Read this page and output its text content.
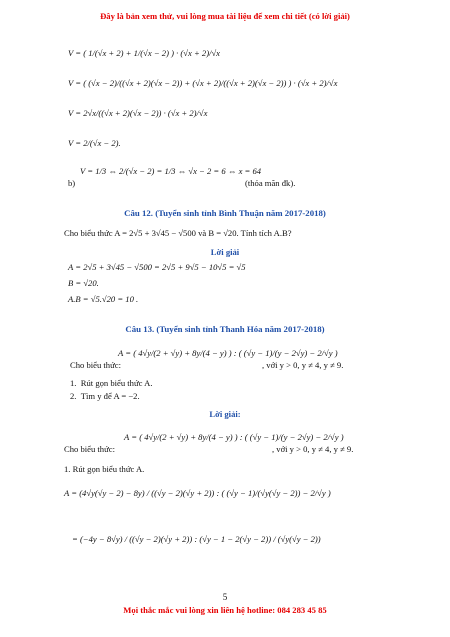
Đây là bản xem thử, vui lòng mua tài liệu để xem chi tiết (có lời giải)
V = ( 1/(√x + 2) + 1/(√x − 2) ) · (√x + 2)/√x
V = ( (√x − 2)/((√x + 2)(√x − 2)) + (√x + 2)/((√x + 2)(√x − 2)) ) · (√x + 2)/√x
V = 2√x/((√x + 2)(√x − 2)) · (√x + 2)/√x
V = 2/(√x − 2).
b)
V = 1/3 ⇔ 2/(√x − 2) = 1/3 ⇔ √x − 2 = 6 ⇔ x = 64
(thỏa mãn đk).
Câu 12. (Tuyển sinh tỉnh Bình Thuận năm 2017-2018)
Cho biểu thức A = 2√5 + 3√45 − √500 và B = √20. Tính tích A.B?
Lời giải
A = 2√5 + 3√45 − √500 = 2√5 + 9√5 − 10√5 = √5
B = √20.
A.B = √5.√20 = 10 .
Câu 13. (Tuyển sinh tỉnh Thanh Hóa năm 2017-2018)
Cho biểu thức:
A = ( 4√y/(2 + √y) + 8y/(4 − y) ) : ( (√y − 1)/(y − 2√y) − 2/√y )
, với y > 0, y ≠ 4, y ≠ 9.
1.  Rút gọn biểu thức A.
2.  Tìm y để A = −2.
Lời giải:
Cho biểu thức:
A = ( 4√y/(2 + √y) + 8y/(4 − y) ) : ( (√y − 1)/(y − 2√y) − 2/√y )
, với y > 0, y ≠ 4, y ≠ 9.
1. Rút gọn biểu thức A.
A = (4√y(√y − 2) − 8y) / ((√y − 2)(√y + 2)) : ( (√y − 1)/(√y(√y − 2)) − 2/√y )
= (−4y − 8√y) / ((√y − 2)(√y + 2)) : (√y − 1 − 2(√y − 2)) / (√y(√y − 2))
5
Mọi thắc mắc vui lòng xin liên hệ hotline: 084 283 45 85
